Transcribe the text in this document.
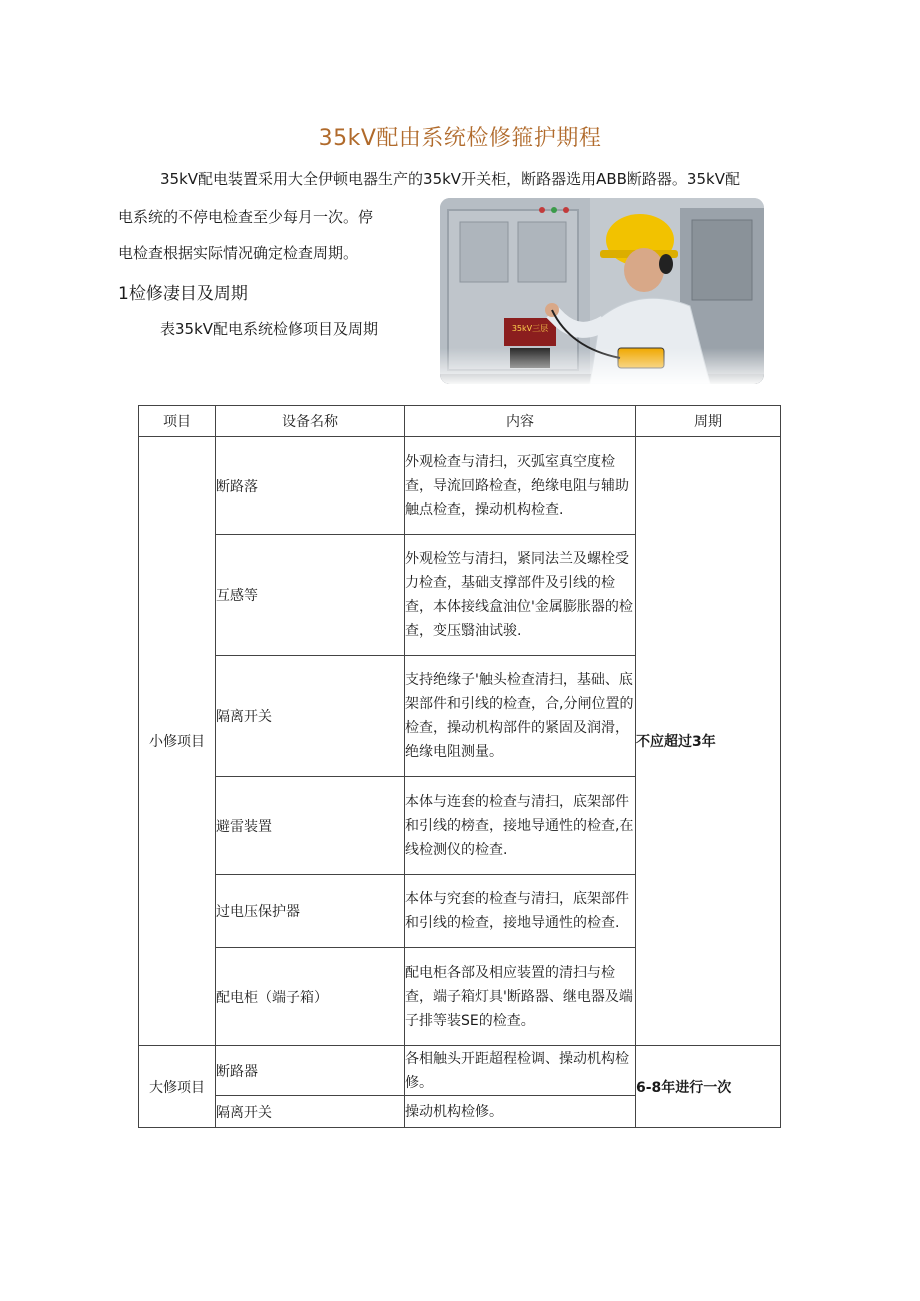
35kV配由系统检修箍护期程
35kV配电装置采用大全伊顿电器生产的35kV开关柜，断路器选用ABB断路器。35kV配
电系统的不停电检查至少每月一次。停
电检查根据实际情况确定检查周期。
1检修凄目及周期
表35kV配电系统检修项目及周期	35kV三层
项目	设备名称	内容	周期
小修项目	断路落	外观检查与清扫，灭弧室真空度检查，导流回路检查，绝缘电阻与辅助触点检查，操动机构检查.	不应超过3年
	互感等	外观检笠与清扫，紧同法兰及螺栓受力检查，基础支撑部件及引线的检查，本体接线盒油位'金属膨胀器的检查，变压翳油试骏.	
	隔离开关	支持绝缘子'触头检查清扫，基础、底架部件和引线的检查，合,分闸位置的检查，操动机构部件的紧固及润滑，绝缘电阻测量。	
	避雷装置	本体与连套的检查与清扫，底架部件和引线的榜查，接地导通性的检查,在线检测仪的检查.	
	过电压保护器	本体与究套的检查与清扫，底架部件和引线的检查，接地导通性的检查.	
	配电柜（端子箱）	配电柜各部及相应装置的清扫与检查，端子箱灯具'断路器、继电器及端子排等装SE的检查。	
大修项目	断路器	各相触头开距超程检调、操动机构检修。	6-8年进行一次
	隔离开关	操动机构检修。	
